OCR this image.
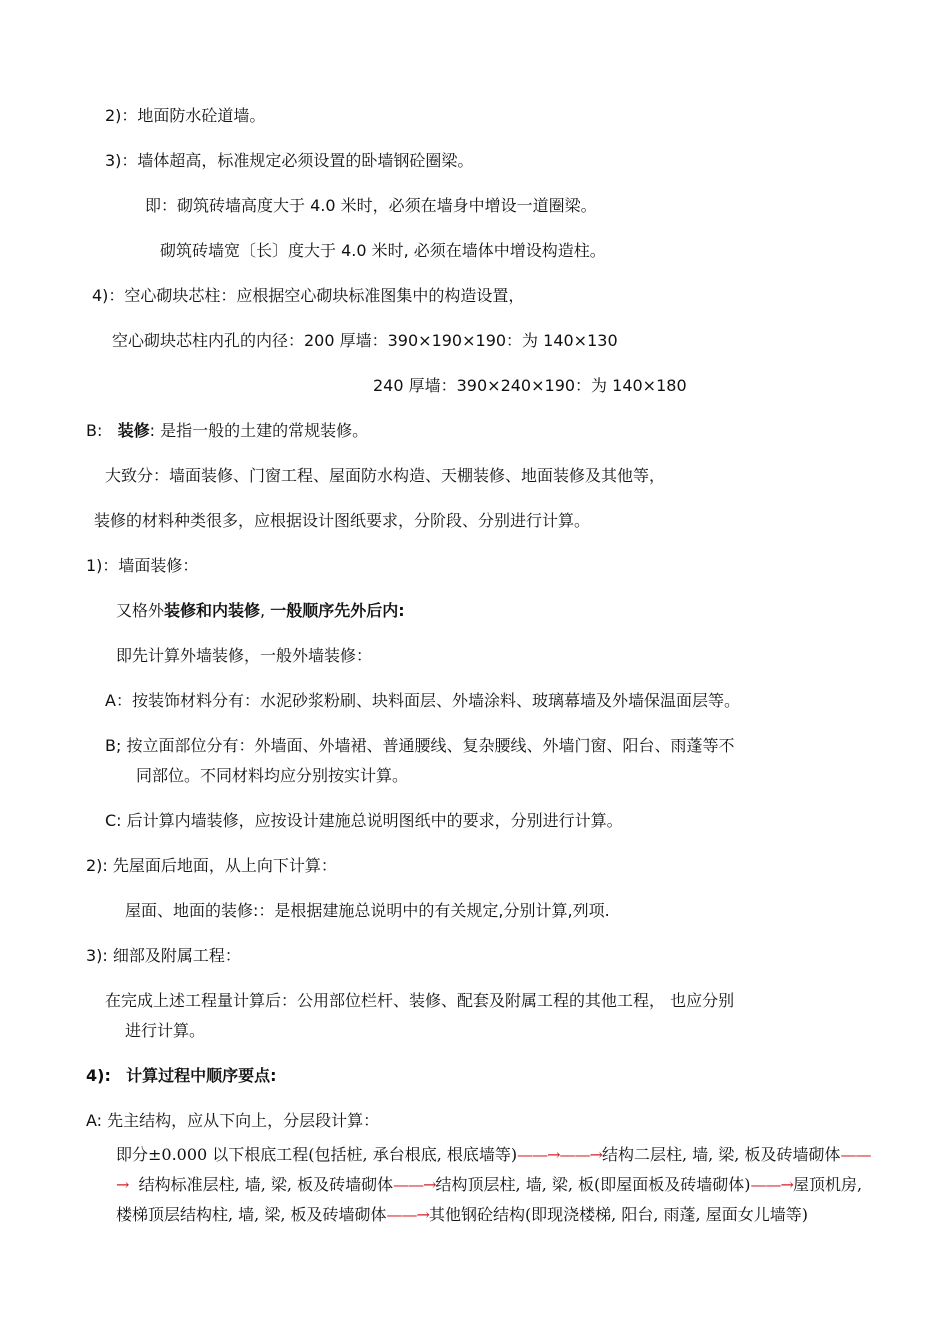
2)：地面防水砼道墙。
3)：墙体超高，标准规定必须设置的卧墙钢砼圈梁。
即：砌筑砖墙高度大于 4.0 米时，必须在墙身中增设一道圈梁。
砌筑砖墙宽〔长〕度大于 4.0 米时, 必须在墙体中增设构造柱。
4)：空心砌块芯柱：应根据空心砌块标准图集中的构造设置，
空心砌块芯柱内孔的内径：200 厚墙：390×190×190：为 140×130
240 厚墙：390×240×190：为 140×180
B: 装修: 是指一般的土建的常规装修。
大致分：墙面装修、门窗工程、屋面防水构造、天棚装修、地面装修及其他等，
装修的材料种类很多，应根据设计图纸要求，分阶段、分别进行计算。
1)：墙面装修：
又格外装修和内装修, 一般顺序先外后内:
即先计算外墙装修，一般外墙装修：
A：按装饰材料分有：水泥砂浆粉刷、块料面层、外墙涂料、玻璃幕墙及外墙保温面层等。
B; 按立面部位分有：外墙面、外墙裙、普通腰线、复杂腰线、外墙门窗、阳台、雨蓬等不
同部位。不同材料均应分别按实计算。
C: 后计算内墙装修，应按设计建施总说明图纸中的要求，分别进行计算。
2): 先屋面后地面，从上向下计算：
屋面、地面的装修:：是根据建施总说明中的有关规定,分别计算,列项.
3): 细部及附属工程：
在完成上述工程量计算后：公用部位栏杆、装修、配套及附属工程的其他工程， 也应分别
进行计算。
4): 计算过程中顺序要点:
A: 先主结构，应从下向上，分层段计算：
即分±0.000 以下根底工程(包括桩, 承台根底, 根底墙等)——→——→结构二层柱, 墙, 梁, 板及砖墙砌体——→ 结构标准层柱, 墙, 梁, 板及砖墙砌体——→结构顶层柱, 墙, 梁, 板(即屋面板及砖墙砌体)——→屋顶机房, 楼梯顶层结构柱, 墙, 梁, 板及砖墙砌体——→其他钢砼结构(即现浇楼梯, 阳台, 雨蓬, 屋面女儿墙等)
